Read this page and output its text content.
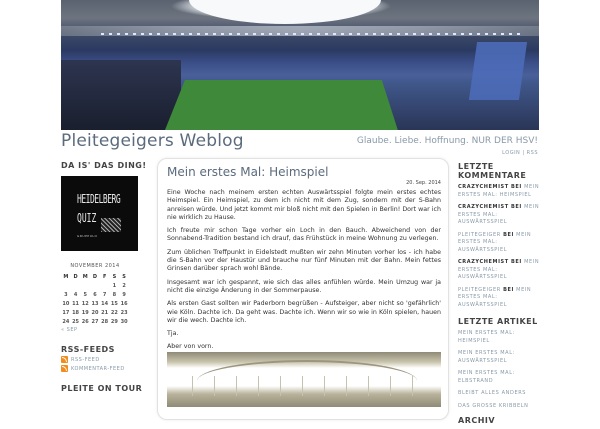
Pleitegeigers Weblog	Glaube. Liebe. Hoffnung. NUR DER HSV!
LOGIN | RSS
DA IS' DAS DING!
HEIDELBERG
QUIZ
GRUPPULO
NOVEMBER 2014
M	D	M	D	F	S	S
					1	2
3	4	5	6	7	8	9
10	11	12	13	14	15	16
17	18	19	20	21	22	23
24	25	26	27	28	29	30
« SEP
RSS-FEEDS
RSS-FEED
KOMMENTAR-FEED
PLEITE ON TOUR
Mein erstes Mal: Heimspiel
20. Sep. 2014

Eine Woche nach meinem ersten echten Auswärtsspiel folgte mein erstes echtes Heimspiel. Ein Heimspiel, zu dem ich nicht mit dem Zug, sondern mit der S-Bahn anreisen würde. Und jetzt kommt mir bloß nicht mit den Spielen in Berlin! Dort war ich nie wirklich zu Hause.

Ich freute mir schon Tage vorher ein Loch in den Bauch. Abweichend von der Sonnabend-Tradition bestand ich drauf, das Frühstück in meine Wohnung zu verlegen.

Zum üblichen Treffpunkt in Eidelstedt mußten wir zehn Minuten vorher los - ich habe die S-Bahn vor der Haustür und brauche nur fünf Minuten mit der Bahn. Mein fettes Grinsen darüber sprach wohl Bände.

Insgesamt war ich gespannt, wie sich das alles anfühlen würde. Mein Umzug war ja nicht die einzige Änderung in der Sommerpause.

Als ersten Gast sollten wir Paderborn begrüßen - Aufsteiger, aber nicht so 'gefährlich' wie Köln. Dachte ich. Da geht was. Dachte ich. Wenn wir so wie in Köln spielen, hauen wir die wech. Dachte ich.

Tja.

Aber von vorn.

LETZTE KOMMENTARE
CRAZYCHEMIST BEI MEIN ERSTES MAL: HEIMSPIEL
CRAZYCHEMIST BEI MEIN ERSTES MAL: AUSWÄRTSSPIEL
PLEITEGEIGER BEI MEIN ERSTES MAL: AUSWÄRTSSPIEL
CRAZYCHEMIST BEI MEIN ERSTES MAL: AUSWÄRTSSPIEL
PLEITEGEIGER BEI MEIN ERSTES MAL: AUSWÄRTSSPIEL
LETZTE ARTIKEL
MEIN ERSTES MAL: HEIMSPIEL
MEIN ERSTES MAL: AUSWÄRTSSPIEL
MEIN ERSTES MAL: ELBSTRAND
BLEIBT ALLES ANDERS
DAS GROSSE KRIBBELN
ARCHIV
